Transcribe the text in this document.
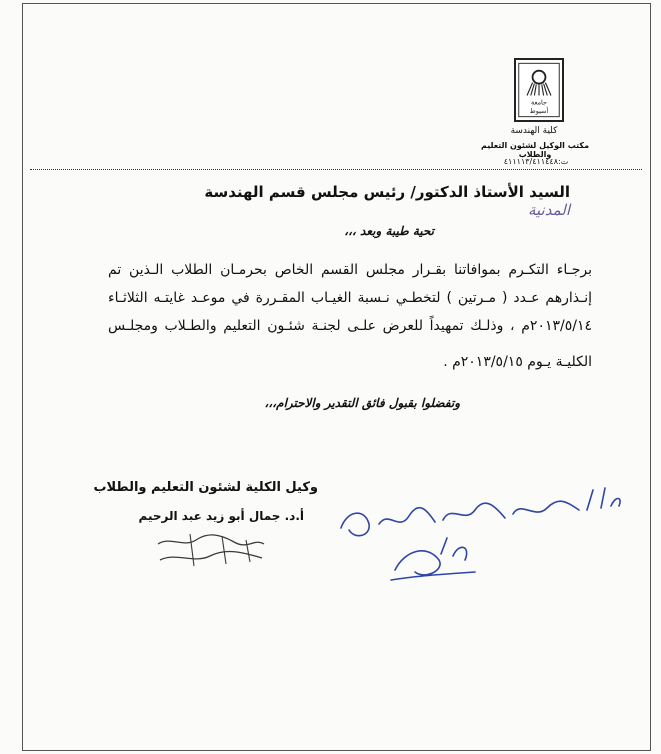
جامعة
أسيوط
كلية الهندسة
مكتب الوكيل لشئون التعليم والطلاب
ت:٤١١١١٣/٤١١٤٤٨
السيد الأستاذ الدكتور/ رئيس مجلس قسم الهندسة المدنية
تحية طيبة وبعد ،،،
برجـاء التكـرم بموافاتنا بقـرار مجلس القسم الخاص بحرمـان الطلاب الـذين تم
إنـذارهم عـدد ( مـرتين ) لتخطـي نـسبة الغيـاب المقـررة في موعـد غايتـه الثلاثـاء
٢٠١٣/٥/١٤م ، وذلـك تمهيداً للعرض علـى لجنـة شئـون التعليم والطـلاب ومجلـس
الكليـة يـوم ٢٠١٣/٥/١٥م .
وتفضلوا بقبول فائق التقدير والاحترام،،،
وكيل الكلية لشئون التعليم والطلاب
أ.د. جمال أبو زيد عبد الرحيم
